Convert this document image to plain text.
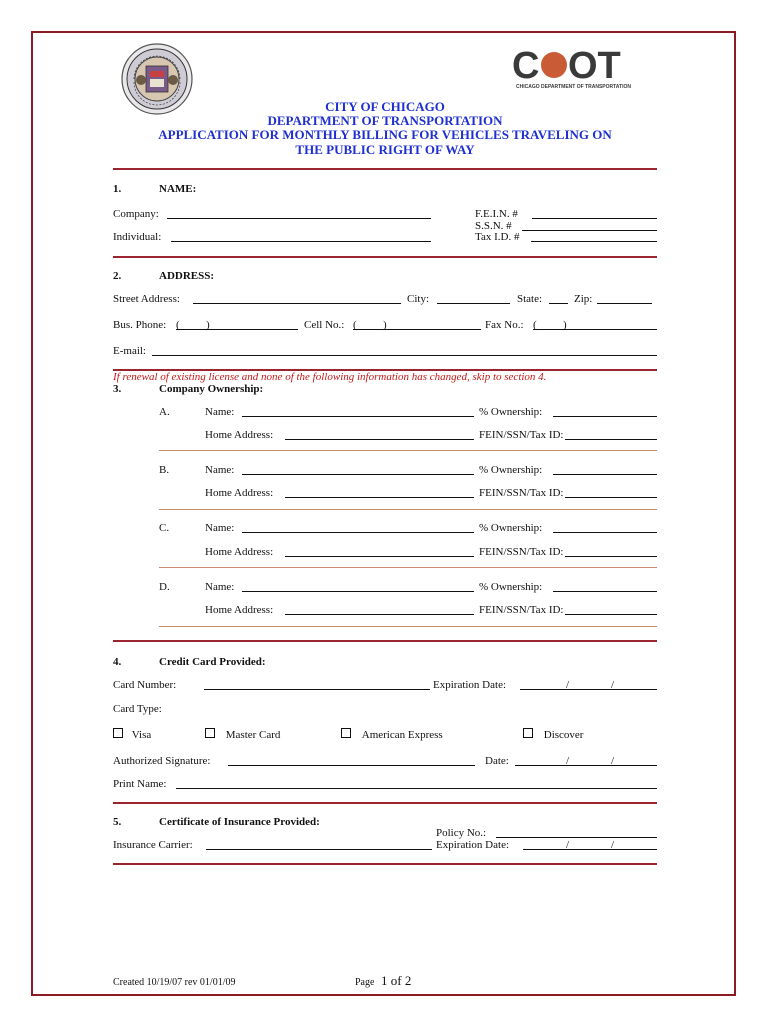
C OT
CHICAGO DEPARTMENT OF TRANSPORTATION
CITY OF CHICAGO
DEPARTMENT OF TRANSPORTATION
APPLICATION FOR MONTHLY BILLING FOR VEHICLES TRAVELING ON
THE PUBLIC RIGHT OF WAY
1.	NAME:
Company:
Individual:
F.E.I.N. #
S.S.N. #
Tax I.D. #
2.	ADDRESS:
Street Address:	City:	State:	Zip:
Bus. Phone: ( )	Cell No.: ( )	Fax No.: ( )
E-mail:
If renewal of existing license and none of the following information has changed, skip to section 4.
3.	Company Ownership:
A.	Name:	% Ownership:
Home Address:	FEIN/SSN/Tax ID:
B.	Name:	% Ownership:
Home Address:	FEIN/SSN/Tax ID:
C.	Name:	% Ownership:
Home Address:	FEIN/SSN/Tax ID:
D.	Name:	% Ownership:
Home Address:	FEIN/SSN/Tax ID:
4.	Credit Card Provided:
Card Number:	Expiration Date:	/	/
Card Type:
Visa	Master Card	American Express	Discover
Authorized Signature:	Date:	/	/
Print Name:
5.	Certificate of Insurance Provided:
Policy No.:
Insurance Carrier:	Expiration Date:	/	/
Created 10/19/07 rev 01/01/09	Page 1 of 2
